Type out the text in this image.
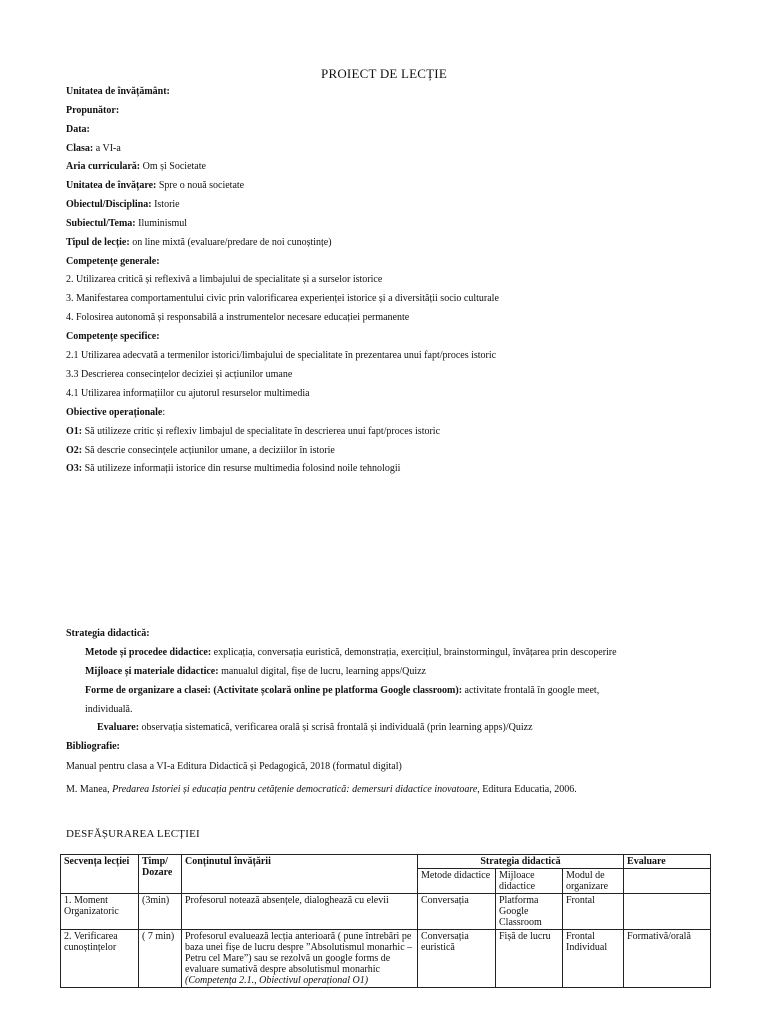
PROIECT DE LECȚIE
Unitatea de învățământ:
Propunător:
Data:
Clasa: a VI-a
Aria curriculară: Om și Societate
Unitatea de învățare: Spre o nouă societate
Obiectul/Disciplina: Istorie
Subiectul/Tema: Iluminismul
Tipul de lecție: on line mixtă (evaluare/predare de noi cunoștințe)
Competențe generale:
2. Utilizarea critică și reflexivă a limbajului de specialitate și a surselor istorice
3. Manifestarea comportamentului civic prin valorificarea experienței istorice și a diversității socio culturale
4. Folosirea autonomă și responsabilă a instrumentelor necesare educației permanente
Competențe specifice:
2.1 Utilizarea adecvată a termenilor istorici/limbajului de specialitate în prezentarea unui fapt/proces istoric
3.3 Descrierea consecințelor deciziei și acțiunilor umane
4.1 Utilizarea informațiilor cu ajutorul resurselor multimedia
Obiective operaționale:
O1: Să utilizeze critic și reflexiv limbajul de specialitate în descrierea unui fapt/proces istoric
O2: Să descrie consecințele acțiunilor umane, a deciziilor în istorie
O3: Să utilizeze informații istorice din resurse multimedia folosind noile tehnologii
Strategia didactică:
Metode și procedee didactice: explicația, conversația euristică, demonstrația, exercițiul, brainstormingul, învățarea prin descoperire
Mijloace și materiale didactice: manualul digital, fișe de lucru, learning apps/Quizz
Forme de organizare a clasei: (Activitate școlară online pe platforma Google classroom): activitate frontală în google meet,
individuală.
Evaluare: observația sistematică, verificarea orală și scrisă frontală și individuală (prin learning apps)/Quizz
Bibliografie:
Manual pentru clasa a VI-a Editura Didactică și Pedagogică, 2018 (formatul digital)
M. Manea, Predarea Istoriei și educația pentru cetățenie democratică: demersuri didactice inovatoare, Editura Educatia, 2006.
DESFĂȘURAREA LECȚIEI
Secvența lecției	Timp/ Dozare	Conținutul învățării	Strategia didactică			Evaluare
			Metode didactice	Mijloace didactice	Modul de organizare	
1. Moment Organizatoric	(3min)	Profesorul notează absențele, dialoghează cu elevii	Conversația	Platforma Google Classroom	Frontal	
2. Verificarea cunoștințelor	( 7 min)	Profesorul evaluează lecția anterioară ( pune întrebări pe baza unei fișe de lucru despre ”Absolutismul monarhic – Petru cel Mare”) sau se rezolvă un google forms de evaluare sumativă despre absolutismul monarhic
(Competența 2.1., Obiectivul operațional O1)	Conversația euristică	Fișă de lucru	Frontal Individual	Formativă/orală
